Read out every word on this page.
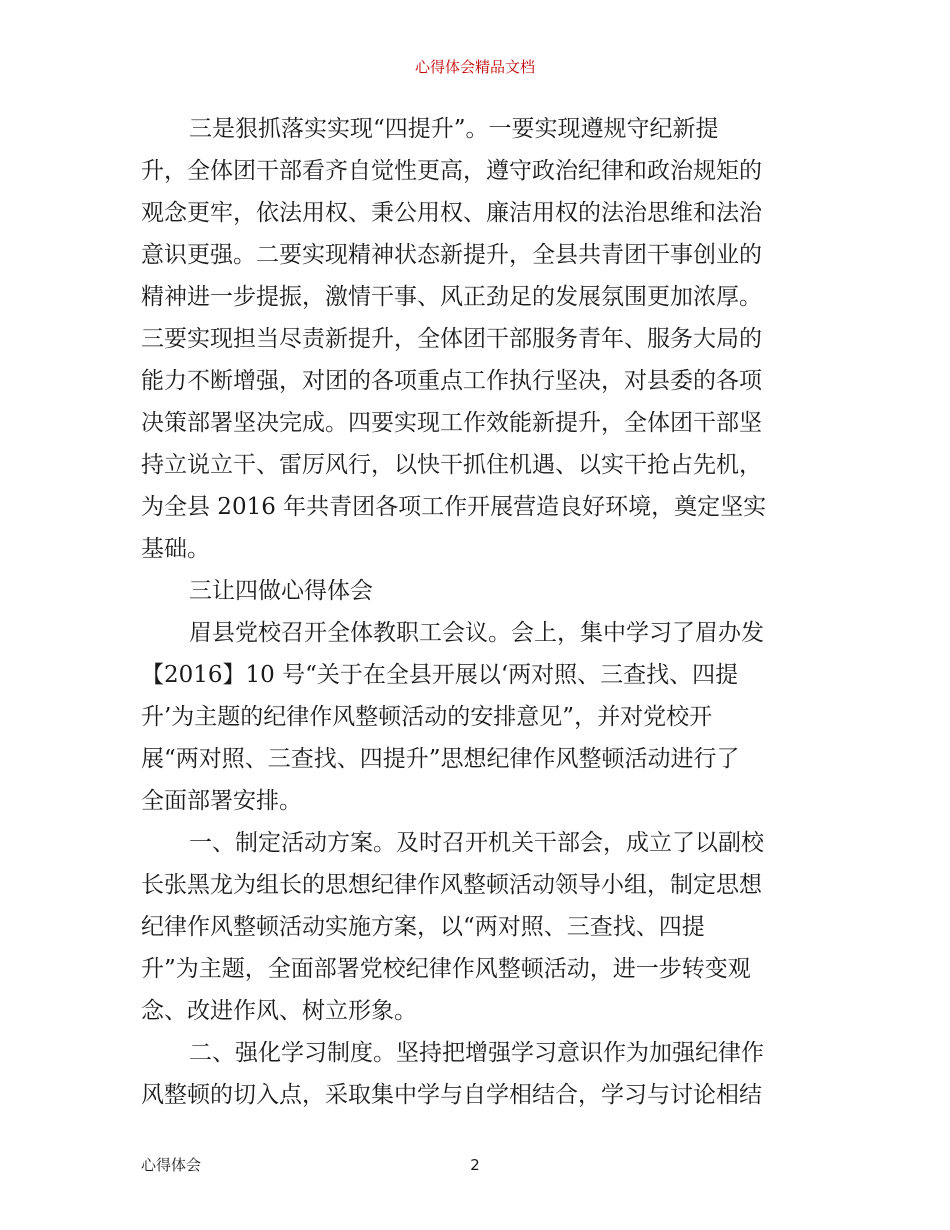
心得体会精品文档
三是狠抓落实实现“四提升”。一要实现遵规守纪新提
升，全体团干部看齐自觉性更高，遵守政治纪律和政治规矩的
观念更牢，依法用权、秉公用权、廉洁用权的法治思维和法治
意识更强。二要实现精神状态新提升，全县共青团干事创业的
精神进一步提振，激情干事、风正劲足的发展氛围更加浓厚。
三要实现担当尽责新提升，全体团干部服务青年、服务大局的
能力不断增强，对团的各项重点工作执行坚决，对县委的各项
决策部署坚决完成。四要实现工作效能新提升，全体团干部坚
持立说立干、雷厉风行，以快干抓住机遇、以实干抢占先机，
为全县 2016 年共青团各项工作开展营造良好环境，奠定坚实
基础。
三让四做心得体会
眉县党校召开全体教职工会议。会上，集中学习了眉办发
【2016】10 号“关于在全县开展以‘两对照、三查找、四提
升’为主题的纪律作风整顿活动的安排意见”，并对党校开
展“两对照、三查找、四提升”思想纪律作风整顿活动进行了
全面部署安排。
一、制定活动方案。及时召开机关干部会，成立了以副校
长张黑龙为组长的思想纪律作风整顿活动领导小组，制定思想
纪律作风整顿活动实施方案，以“两对照、三查找、四提
升”为主题，全面部署党校纪律作风整顿活动，进一步转变观
念、改进作风、树立形象。
二、强化学习制度。坚持把增强学习意识作为加强纪律作
风整顿的切入点，采取集中学与自学相结合，学习与讨论相结
心得体会	2
